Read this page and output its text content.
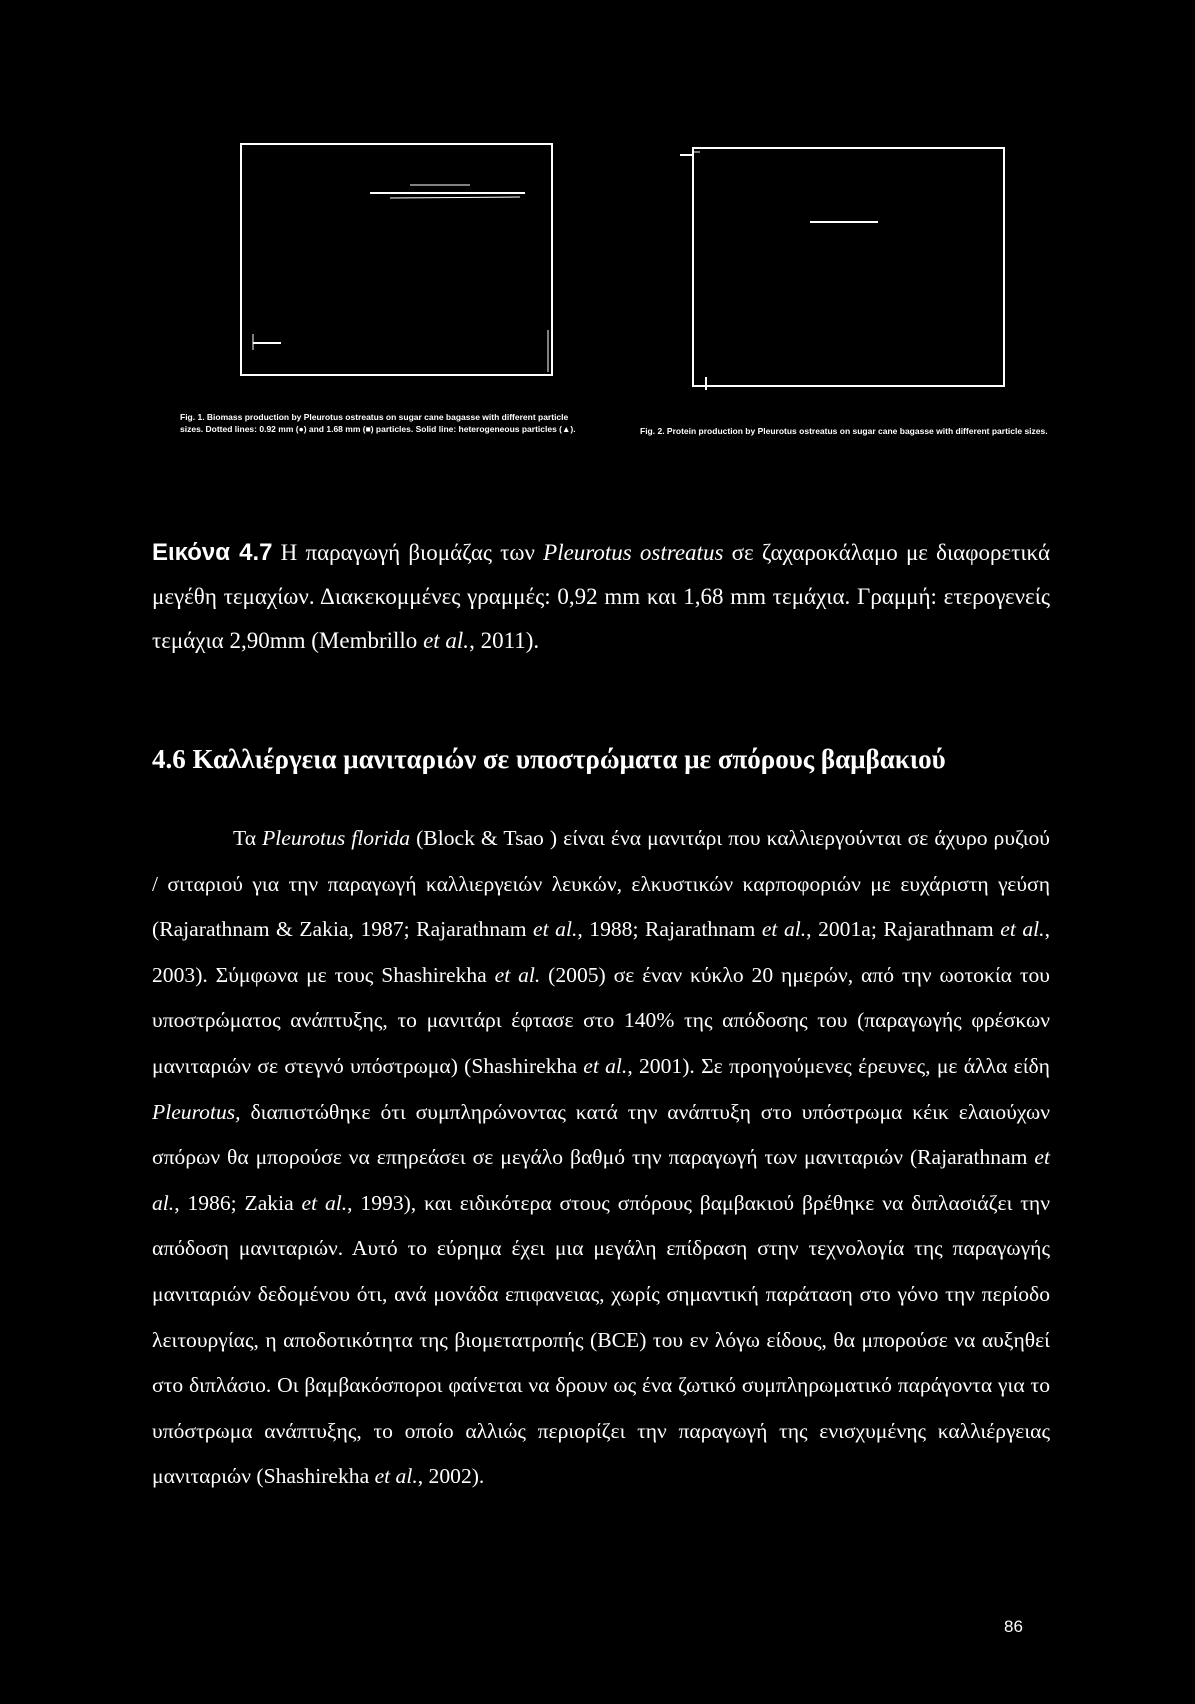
Fig. 1. Biomass production by Pleurotus ostreatus on sugar cane bagasse with different particle sizes. Dotted lines: 0.92 mm (●) and 1.68 mm (■) particles. Solid line: heterogeneous particles (▲).	Fig. 2. Protein production by Pleurotus ostreatus on sugar cane bagasse with different particle sizes.
Εικόνα 4.7 Η παραγωγή βιομάζας των Pleurotus ostreatus σε ζαχαροκάλαμο με διαφορετικά μεγέθη τεμαχίων. Διακεκομμένες γραμμές: 0,92 mm και 1,68 mm τεμάχια. Γραμμή: ετερογενείς τεμάχια 2,90mm (Membrillo et al., 2011).
4.6 Καλλιέργεια μανιταριών σε υποστρώματα με σπόρους βαμβακιού
Τα Pleurotus florida (Block & Tsao ) είναι ένα μανιτάρι που καλλιεργούνται σε άχυρο ρυζιού / σιταριού για την παραγωγή καλλιεργειών λευκών, ελκυστικών καρποφοριών με ευχάριστη γεύση (Rajarathnam & Zakia, 1987; Rajarathnam et al., 1988; Rajarathnam et al., 2001a; Rajarathnam et al., 2003). Σύμφωνα με τους Shashirekha et al. (2005) σε έναν κύκλο 20 ημερών, από την ωοτοκία του υποστρώματος ανάπτυξης, το μανιτάρι έφτασε στο 140% της απόδοσης του (παραγωγής φρέσκων μανιταριών σε στεγνό υπόστρωμα) (Shashirekha et al., 2001). Σε προηγούμενες έρευνες, με άλλα είδη Pleurotus, διαπιστώθηκε ότι συμπληρώνοντας κατά την ανάπτυξη στο υπόστρωμα κέικ ελαιούχων σπόρων θα μπορούσε να επηρεάσει σε μεγάλο βαθμό την παραγωγή των μανιταριών (Rajarathnam et al., 1986; Zakia et al., 1993), και ειδικότερα στους σπόρους βαμβακιού βρέθηκε να διπλασιάζει την απόδοση μανιταριών. Αυτό το εύρημα έχει μια μεγάλη επίδραση στην τεχνολογία της παραγωγής μανιταριών δεδομένου ότι, ανά μονάδα επιφανειας, χωρίς σημαντική παράταση στο γόνο την περίοδο λειτουργίας, η αποδοτικότητα της βιομετατροπής (BCE) του εν λόγω είδους, θα μπορούσε να αυξηθεί στο διπλάσιο. Οι βαμβακόσποροι φαίνεται να δρουν ως ένα ζωτικό συμπληρωματικό παράγοντα για το υπόστρωμα ανάπτυξης, το οποίο αλλιώς περιορίζει την παραγωγή της ενισχυμένης καλλιέργειας μανιταριών (Shashirekha et al., 2002).
86
